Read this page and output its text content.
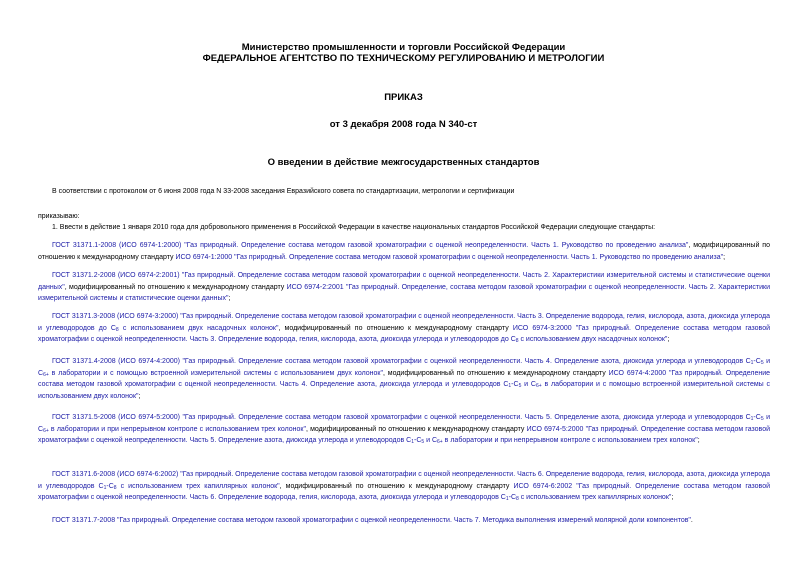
Министерство промышленности и торговли Российской Федерации
ФЕДЕРАЛЬНОЕ АГЕНТСТВО ПО ТЕХНИЧЕСКОМУ РЕГУЛИРОВАНИЮ И МЕТРОЛОГИИ
ПРИКАЗ
от 3 декабря 2008 года N 340-ст
О введении в действие межгосударственных стандартов

В соответствии с протоколом от 6 июня 2008 года N 33-2008 заседания Евразийского совета по стандартизации, метрологии и сертификации

приказываю:

1. Ввести в действие 1 января 2010 года для добровольного применения в Российской Федерации в качестве национальных стандартов Российской Федерации следующие стандарты:

ГОСТ 31371.1-2008 (ИСО 6974-1:2000) "Газ природный. Определение состава методом газовой хроматографии с оценкой неопределенности. Часть 1. Руководство по проведению анализа", модифицированный по отношению к международному стандарту ИСО 6974-1:2000 "Газ природный. Определение состава методом газовой хроматографии с оценкой неопределенности. Часть 1. Руководство по проведению анализа";

ГОСТ 31371.2-2008 (ИСО 6974-2:2001) "Газ природный. Определение состава методом газовой хроматографии с оценкой неопределенности. Часть 2. Характеристики измерительной системы и статистические оценки данных", модифицированный по отношению к международному стандарту ИСО 6974-2:2001 "Газ природный. Определение, состава методом газовой хроматографии с оценкой неопределенности. Часть 2. Характеристики измерительной системы и статистические оценки данных";

ГОСТ 31371.3-2008 (ИСО 6974-3:2000) "Газ природный. Определение состава методом газовой хроматографии с оценкой неопределенности. Часть 3. Определение водорода, гелия, кислорода, азота, диоксида углерода и углеводородов до $С_8$ с использованием двух насадочных колонок", модифицированный по отношению к международному стандарту ИСО 6974-3:2000 "Газ природный. Определение состава методом газовой хроматографии с оценкой неопределенности. Часть 3. Определение водорода, гелия, кислорода, азота, диоксида углерода и углеводородов до $С_8$ с использованием двух насадочных колонок";

ГОСТ 31371.4-2008 (ИСО 6974-4:2000) "Газ природный. Определение состава методом газовой хроматографии с оценкой неопределенности. Часть 4. Определение азота, диоксида углерода и углеводородов $С_1-С_5$ и $С_{6+}$ в лаборатории и с помощью встроенной измерительной системы с использованием двух колонок", модифицированный по отношению к международному стандарту ИСО 6974-4:2000 "Газ природный. Определение состава методом газовой хроматографии с оценкой неопределенности. Часть 4. Определение азота, диоксида углерода и углеводородов $С_1-С_5$ и $С_{6+}$ в лаборатории и с помощью встроенной измерительной системы с использованием двух колонок";

ГОСТ 31371.5-2008 (ИСО 6974-5:2000) "Газ природный. Определение состава методом газовой хроматографии с оценкой неопределенности. Часть 5. Определение азота, диоксида углерода и углеводородов $С_1-С_5$ и $С_{6+}$ в лаборатории и при непрерывном контроле с использованием трех колонок", модифицированный по отношению к международному стандарту ИСО 6974-5:2000 "Газ природный. Определение состава методом газовой хроматографии с оценкой неопределенности. Часть 5. Определение азота, диоксида углерода и углеводородов $С_1-С_5$ и $С_{6+}$ в лаборатории и при непрерывном контроле с использованием трех колонок";

ГОСТ 31371.6-2008 (ИСО 6974-6:2002) "Газ природный. Определение состава методом газовой хроматографии с оценкой неопределенности. Часть 6. Определение водорода, гелия, кислорода, азота, диоксида углерода и углеводородов $С_1-С_8$ с использованием трех капиллярных колонок", модифицированный по отношению к международному стандарту ИСО 6974-6:2002 "Газ природный. Определение состава методом газовой хроматографии с оценкой неопределенности. Часть 6. Определение водорода, гелия, кислорода, азота, диоксида углерода и углеводородов $С_1-С_8$ с использованием трех капиллярных колонок";

ГОСТ 31371.7-2008 "Газ природный. Определение состава методом газовой хроматографии с оценкой неопределенности. Часть 7. Методика выполнения измерений молярной доли компонентов".
